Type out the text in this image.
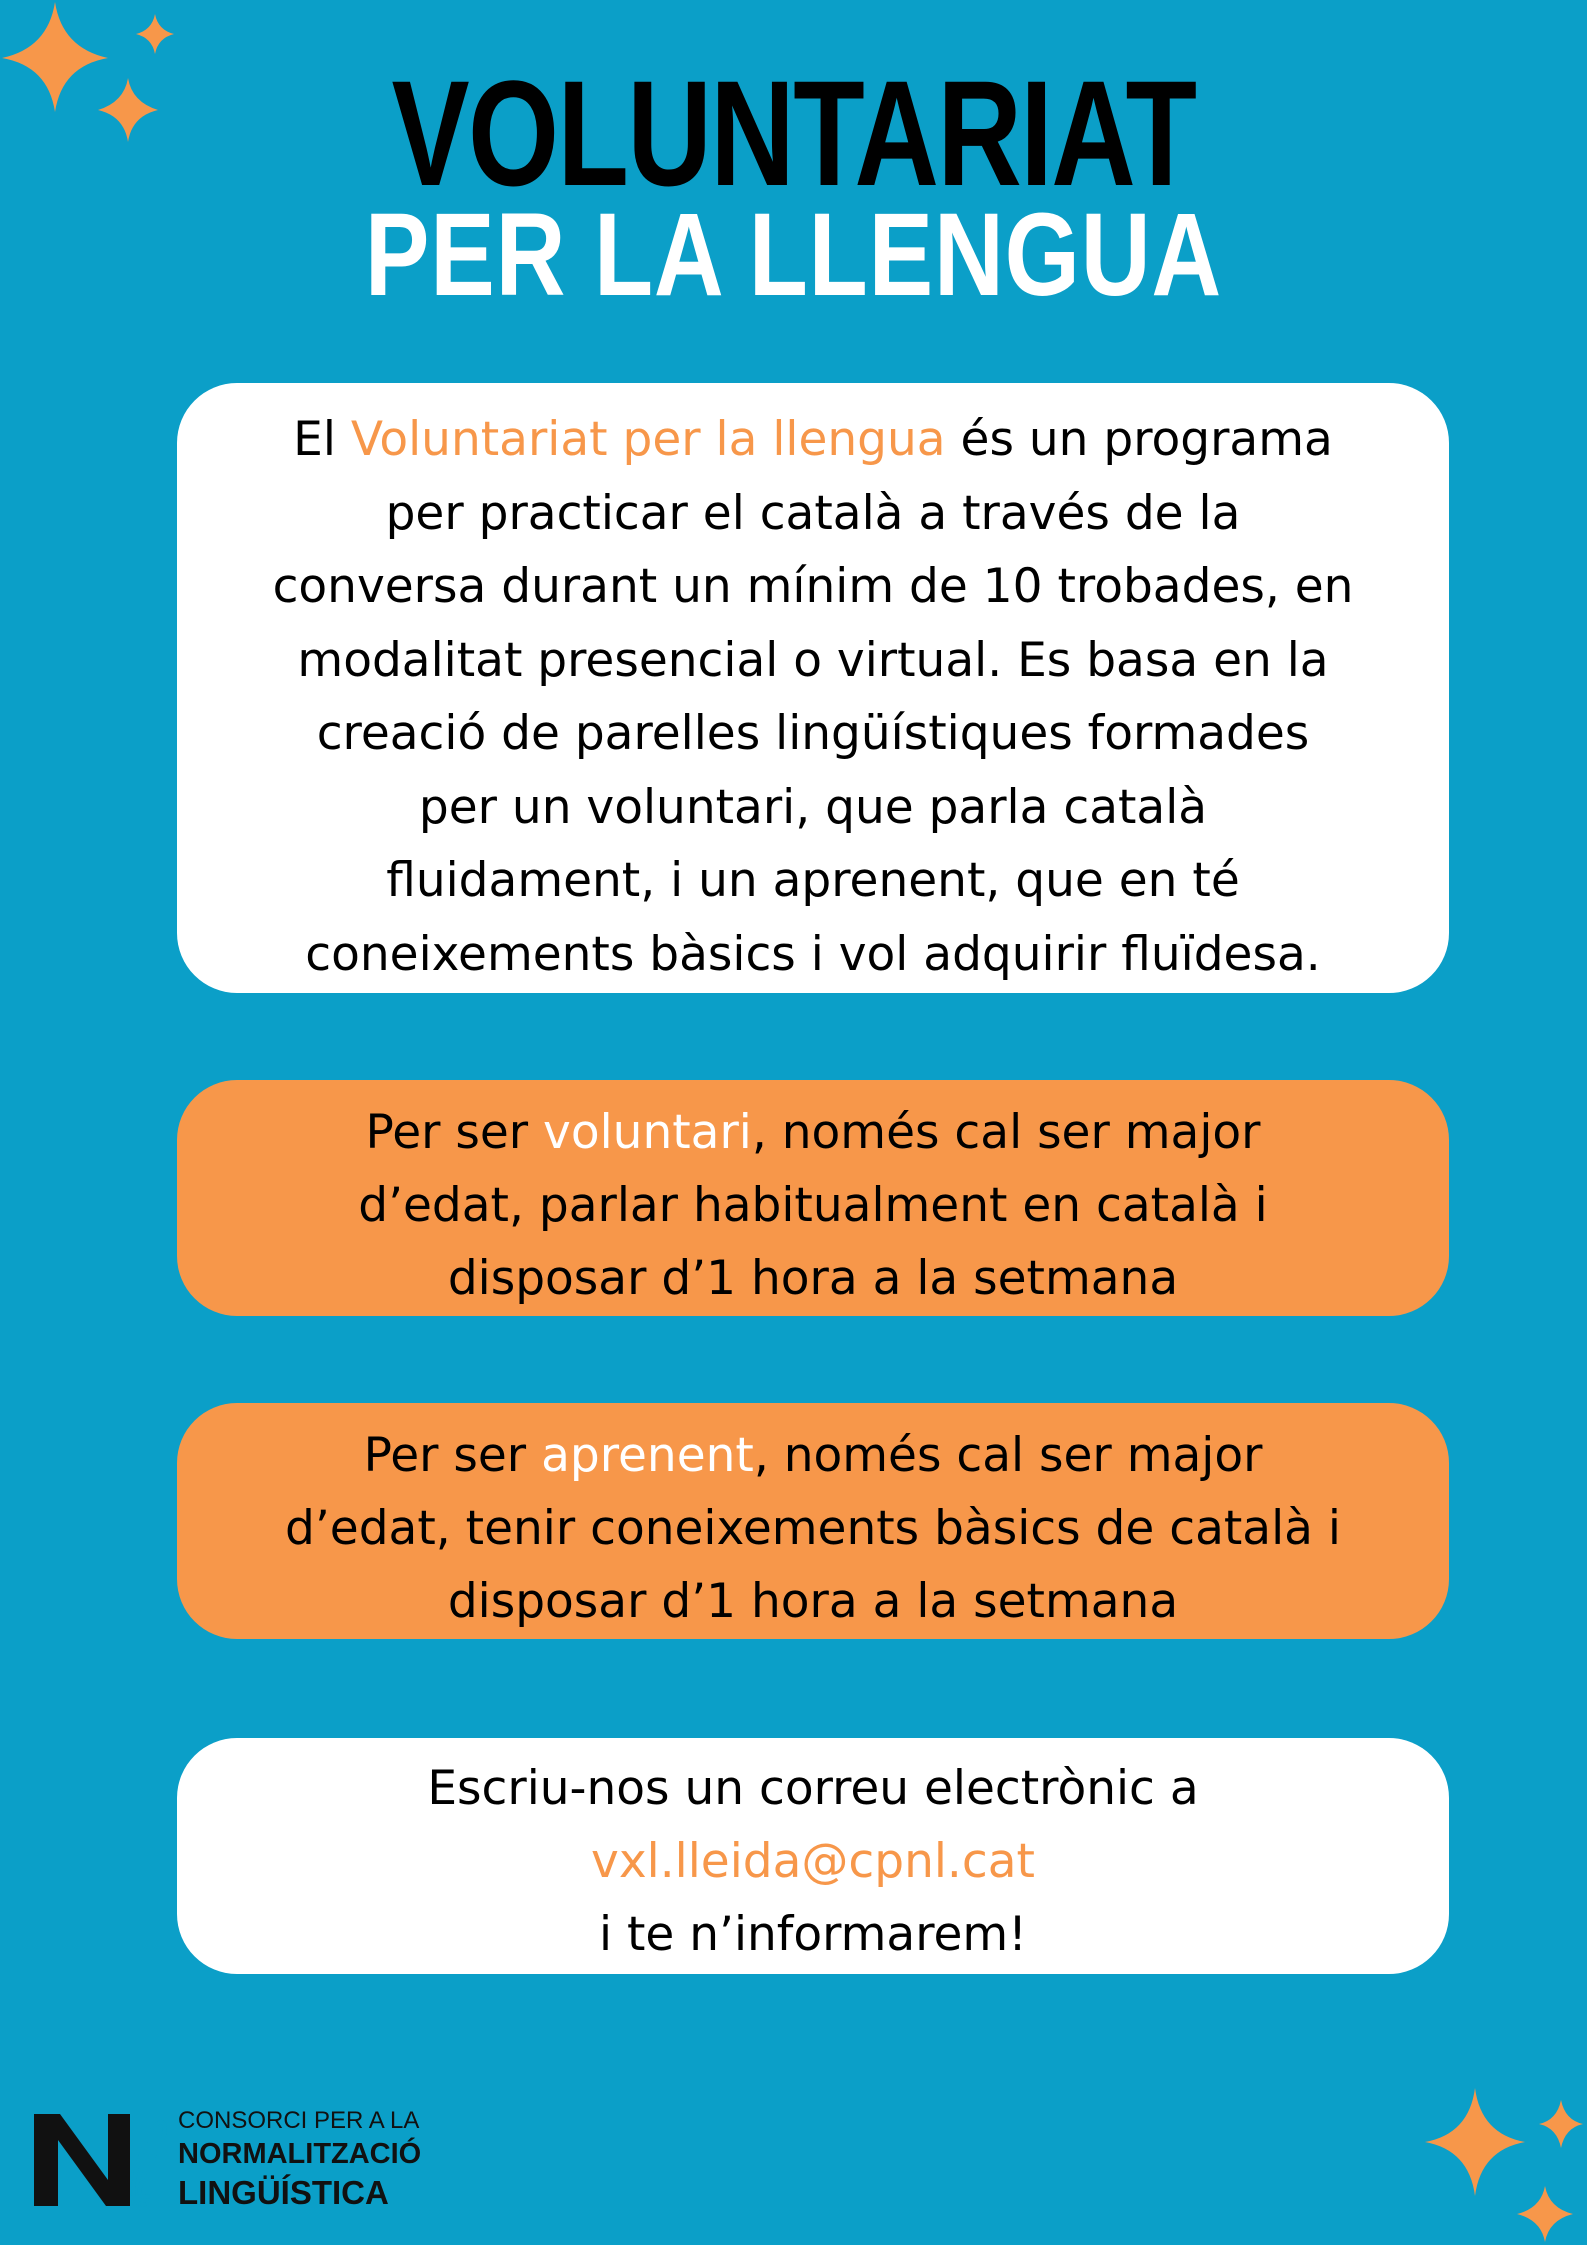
VOLUNTARIAT
PER LA LLENGUA
El Voluntariat per la llengua és un programa
per practicar el català a través de la
conversa durant un mínim de 10 trobades, en
modalitat presencial o virtual. Es basa en la
creació de parelles lingüístiques formades
per un voluntari, que parla català
fluidament, i un aprenent, que en té
coneixements bàsics i vol adquirir fluïdesa.
Per ser voluntari, només cal ser major
d’edat, parlar habitualment en català i
disposar d’1 hora a la setmana
Per ser aprenent, només cal ser major
d’edat, tenir coneixements bàsics de català i
disposar d’1 hora a la setmana
Escriu-nos un correu electrònic a
vxl.lleida@cpnl.cat
i te n’informarem!
CONSORCI PER A LA
NORMALITZACIÓ
LINGÜÍSTICA
